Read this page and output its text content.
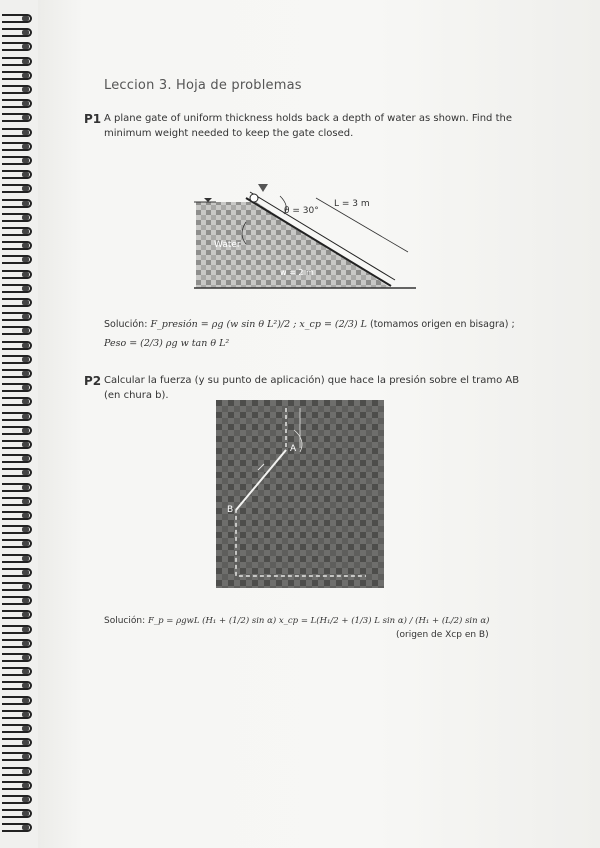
Leccion 3. Hoja de problemas
P1 A plane gate of uniform thickness holds back a depth of water as shown. Find the
minimum weight needed to keep the gate closed.
θ = 30°
L = 3 m
Water
w = 2 m
Solución: F_presión = ρg (w sin θ L²)/2 ; x_cp = (2/3) L (tomamos origen en bisagra) ;
Peso = (2/3) ρg w tan θ L²
P2 Calcular la fuerza (y su punto de aplicación) que hace la presión sobre el tramo AB
(en chura b).
A
B
Solución: F_p = ρgwL (H₁ + (1/2) sin α) x_cp = L(H₁/2 + (1/3) L sin α) / (H₁ + (L/2) sin α)
(origen de Xcp en B)
